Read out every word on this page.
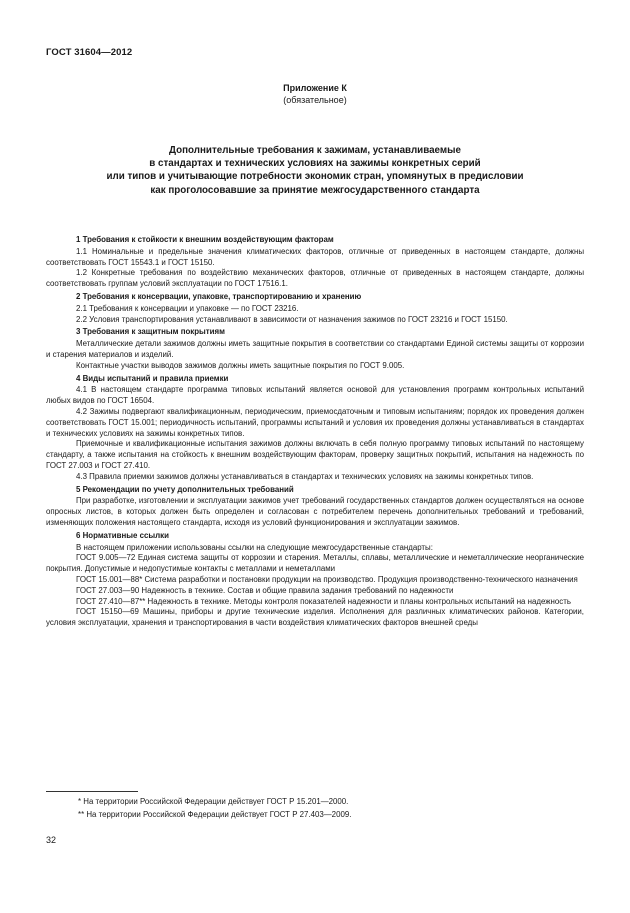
ГОСТ 31604—2012
Приложение К
(обязательное)
Дополнительные требования к зажимам, устанавливаемые
в стандартах и технических условиях на зажимы конкретных серий
или типов и учитывающие потребности экономик стран, упомянутых в предисловии
как проголосовавшие за принятие межгосударственного стандарта
1 Требования к стойкости к внешним воздействующим факторам

1.1 Номинальные и предельные значения климатических факторов, отличные от приведенных в настоящем стандарте, должны соответствовать ГОСТ 15543.1 и ГОСТ 15150.

1.2 Конкретные требования по воздействию механических факторов, отличные от приведенных в настоящем стандарте, должны соответствовать группам условий эксплуатации по ГОСТ 17516.1.

2 Требования к консервации, упаковке, транспортированию и хранению

2.1 Требования к консервации и упаковке — по ГОСТ 23216.

2.2 Условия транспортирования устанавливают в зависимости от назначения зажимов по ГОСТ 23216 и ГОСТ 15150.

3 Требования к защитным покрытиям

Металлические детали зажимов должны иметь защитные покрытия в соответствии со стандартами Единой системы защиты от коррозии и старения материалов и изделий.

Контактные участки выводов зажимов должны иметь защитные покрытия по ГОСТ 9.005.

4 Виды испытаний и правила приемки

4.1 В настоящем стандарте программа типовых испытаний является основой для установления программ контрольных испытаний любых видов по ГОСТ 16504.

4.2 Зажимы подвергают квалификационным, периодическим, приемосдаточным и типовым испытаниям; порядок их проведения должен соответствовать ГОСТ 15.001; периодичность испытаний, программы испытаний и условия их проведения должны устанавливаться в стандартах и технических условиях на зажимы конкретных типов.

Приемочные и квалификационные испытания зажимов должны включать в себя полную программу типовых испытаний по настоящему стандарту, а также испытания на стойкость к внешним воздействующим факторам, проверку защитных покрытий, испытания на надежность по ГОСТ 27.003 и ГОСТ 27.410.

4.3 Правила приемки зажимов должны устанавливаться в стандартах и технических условиях на зажимы конкретных типов.

5 Рекомендации по учету дополнительных требований

При разработке, изготовлении и эксплуатации зажимов учет требований государственных стандартов должен осуществляться на основе опросных листов, в которых должен быть определен и согласован с потребителем перечень дополнительных требований и требований, изменяющих положения настоящего стандарта, исходя из условий функционирования и эксплуатации зажимов.

6 Нормативные ссылки

В настоящем приложении использованы ссылки на следующие межгосударственные стандарты:

ГОСТ 9.005—72 Единая система защиты от коррозии и старения. Металлы, сплавы, металлические и неметаллические неорганические покрытия. Допустимые и недопустимые контакты с металлами и неметаллами

ГОСТ 15.001—88* Система разработки и постановки продукции на производство. Продукция производственно-технического назначения

ГОСТ 27.003—90 Надежность в технике. Состав и общие правила задания требований по надежности

ГОСТ 27.410—87** Надежность в технике. Методы контроля показателей надежности и планы контрольных испытаний на надежность

ГОСТ 15150—69 Машины, приборы и другие технические изделия. Исполнения для различных климатических районов. Категории, условия эксплуатации, хранения и транспортирования в части воздействия климатических факторов внешней среды

* На территории Российской Федерации действует ГОСТ Р 15.201—2000.
** На территории Российской Федерации действует ГОСТ Р 27.403—2009.
32
